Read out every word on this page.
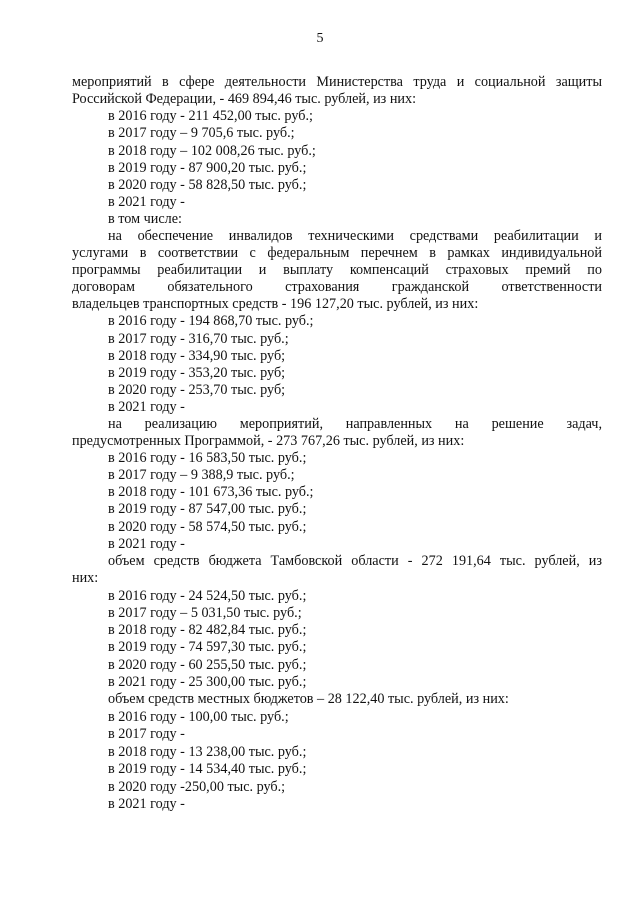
5
мероприятий в сфере деятельности Министерства труда и социальной защиты
Российской Федерации, - 469 894,46 тыс. рублей, из них:
в 2016 году - 211 452,00 тыс. руб.;
в 2017 году – 9 705,6 тыс. руб.;
в 2018 году – 102 008,26 тыс. руб.;
в 2019 году - 87 900,20 тыс. руб.;
в 2020 году - 58 828,50 тыс. руб.;
в 2021 году -
в том числе:
на обеспечение инвалидов техническими средствами реабилитации и
услугами в соответствии с федеральным перечнем в рамках индивидуальной
программы реабилитации и выплату компенсаций страховых премий по
договорам обязательного страхования гражданской ответственности
владельцев транспортных средств - 196 127,20 тыс. рублей, из них:
в 2016 году - 194 868,70 тыс. руб.;
в 2017 году - 316,70 тыс. руб.;
в 2018 году - 334,90 тыс. руб;
в 2019 году - 353,20 тыс. руб;
в 2020 году - 253,70 тыс. руб;
в 2021 году -
на реализацию мероприятий, направленных на решение задач,
предусмотренных Программой, - 273 767,26 тыс. рублей, из них:
в 2016 году - 16 583,50 тыс. руб.;
в 2017 году – 9 388,9 тыс. руб.;
в 2018 году - 101 673,36 тыс. руб.;
в 2019 году - 87 547,00 тыс. руб.;
в 2020 году - 58 574,50 тыс. руб.;
в 2021 году -
объем средств бюджета Тамбовской области - 272 191,64 тыс. рублей, из
них:
в 2016 году - 24 524,50 тыс. руб.;
в 2017 году – 5 031,50 тыс. руб.;
в 2018 году - 82 482,84 тыс. руб.;
в 2019 году - 74 597,30 тыс. руб.;
в 2020 году - 60 255,50 тыс. руб.;
в 2021 году - 25 300,00 тыс. руб.;
объем средств местных бюджетов – 28 122,40 тыс. рублей, из них:
в 2016 году - 100,00 тыс. руб.;
в 2017 году -
в 2018 году - 13 238,00 тыс. руб.;
в 2019 году - 14 534,40 тыс. руб.;
в 2020 году -250,00 тыс. руб.;
в 2021 году -
